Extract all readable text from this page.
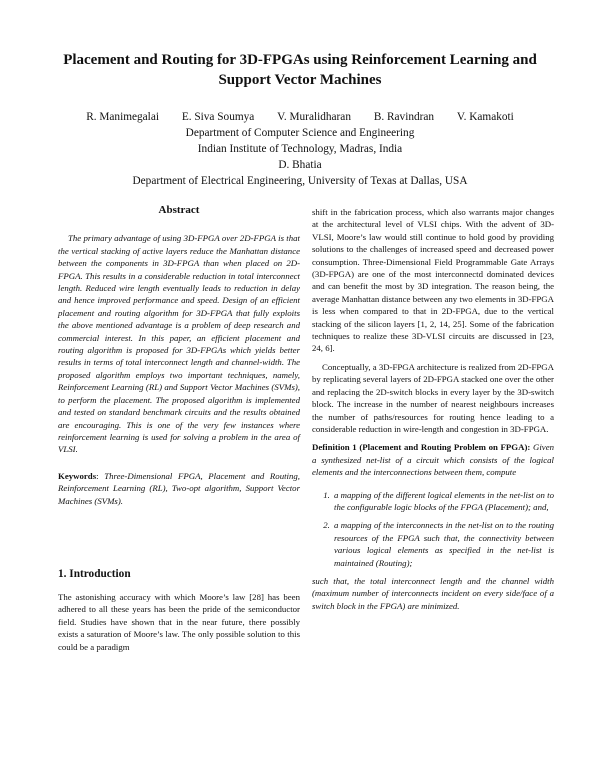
Placement and Routing for 3D-FPGAs using Reinforcement Learning and Support Vector Machines
R. Manimegalai E. Siva Soumya V. Muralidharan B. Ravindran V. Kamakoti
Department of Computer Science and Engineering
Indian Institute of Technology, Madras, India
D. Bhatia
Department of Electrical Engineering, University of Texas at Dallas, USA
Abstract

The primary advantage of using 3D-FPGA over 2D-FPGA is that the vertical stacking of active layers reduce the Manhattan distance between the components in 3D-FPGA than when placed on 2D-FPGA. This results in a considerable reduction in total interconnect length. Reduced wire length eventually leads to reduction in delay and hence improved performance and speed. Design of an efficient placement and routing algorithm for 3D-FPGA that fully exploits the above mentioned advantage is a problem of deep research and commercial interest. In this paper, an efficient placement and routing algorithm is proposed for 3D-FPGAs which yields better results in terms of total interconnect length and channel-width. The proposed algorithm employs two important techniques, namely, Reinforcement Learning (RL) and Support Vector Machines (SVMs), to perform the placement. The proposed algorithm is implemented and tested on standard benchmark circuits and the results obtained are encouraging. This is one of the very few instances where reinforcement learning is used for solving a problem in the area of VLSI.

Keywords: Three-Dimensional FPGA, Placement and Routing, Reinforcement Learning (RL), Two-opt algorithm, Support Vector Machines (SVMs).

1. Introduction

The astonishing accuracy with which Moore’s law [28] has been adhered to all these years has been the pride of the semiconductor field. Studies have shown that in the near future, there possibly exists a saturation of Moore’s law. The only possible solution to this could be a paradigm

shift in the fabrication process, which also warrants major changes at the architectural level of VLSI chips. With the advent of 3D-VLSI, Moore’s law would still continue to hold good by providing solutions to the challenges of increased speed and decreased power consumption. Three-Dimensional Field Programmable Gate Arrays (3D-FPGA) are one of the most interconnectd dominated devices and can benefit the most by 3D integration. The reason being, the average Manhattan distance between any two elements in 3D-FPGA is less when compared to that in 2D-FPGA, due to the vertical stacking of the silicon layers [1, 2, 14, 25]. Some of the fabrication techniques to realize these 3D-VLSI circuits are discussed in [23, 24, 6].

Conceptually, a 3D-FPGA architecture is realized from 2D-FPGA by replicating several layers of 2D-FPGA stacked one over the other and replacing the 2D-switch blocks in every layer by the 3D-switch block. The increase in the number of nearest neighbours increases the number of paths/resources for routing hence leading to a considerable reduction in wire-length and congestion in 3D-FPGA.

Definition 1 (Placement and Routing Problem on FPGA): Given a synthesized net-list of a circuit which consists of the logical elements and the interconnections between them, compute
1. a mapping of the different logical elements in the net-list on to the configurable logic blocks of the FPGA (Placement); and,
2. a mapping of the interconnects in the net-list on to the routing resources of the FPGA such that, the connectivity between various logical elements as specified in the net-list is maintained (Routing);
such that, the total interconnect length and the channel width (maximum number of interconnects incident on every side/face of a switch block in the FPGA) are minimized.
